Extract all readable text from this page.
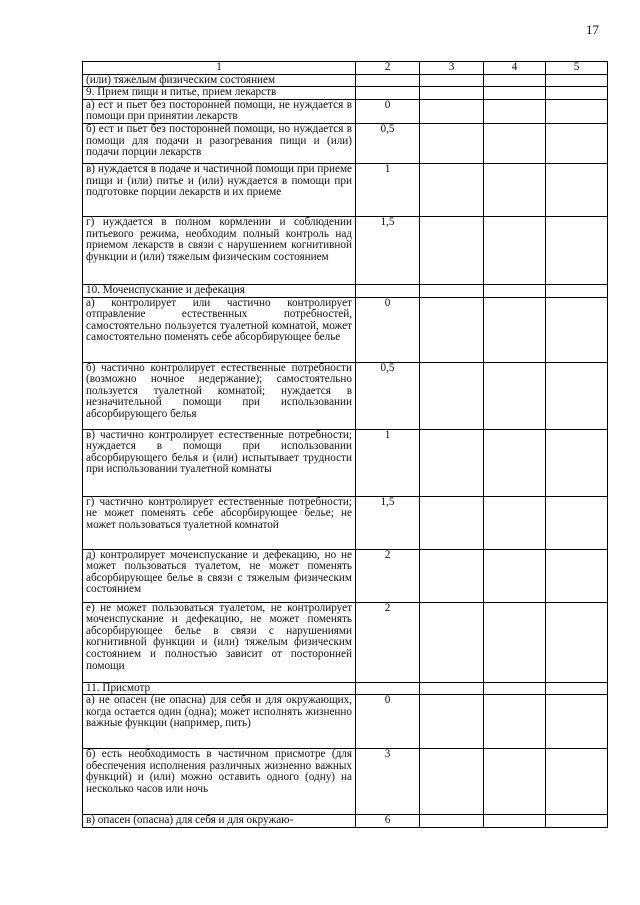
17
1	2	3	4	5
(или) тяжелым физическим состоянием				
9. Прием пищи и питье, прием лекарств				
а) ест и пьет без посторонней помощи, не нуждается в помощи при принятии лекарств	0			
б) ест и пьет без посторонней помощи, но нуждается в помощи для подачи и разогревания пищи и (или) подачи порции лекарств	0,5			
в) нуждается в подаче и частичной помощи при приеме пищи и (или) питье и (или) нуждается в помощи при подготовке порции лекарств и их приеме	1			
г) нуждается в полном кормлении и соблюдении питьевого режима, необходим полный контроль над приемом лекарств в связи с нарушением когнитивной функции и (или) тяжелым физическим состоянием	1,5			
10. Мочеиспускание и дефекация				
а) контролирует или частично контролирует отправление естественных потребностей, самостоятельно пользуется туалетной комнатой, может самостоятельно поменять себе абсорбирующее белье	0			
б) частично контролирует естественные потребности (возможно ночное недержание); самостоятельно пользуется туалетной комнатой; нуждается в незначительной помощи при использовании абсорбирующего белья	0,5			
в) частично контролирует естественные потребности; нуждается в помощи при использовании абсорбирующего белья и (или) испытывает трудности при использовании туалетной комнаты	1			
г) частично контролирует естественные потребности; не может поменять себе абсорбирующее белье; не может пользоваться туалетной комнатой	1,5			
д) контролирует мочеиспускание и дефекацию, но не может пользоваться туалетом, не может поменять абсорбирующее белье в связи с тяжелым физическим состоянием	2			
е) не может пользоваться туалетом, не контролирует мочеиспускание и дефекацию, не может поменять абсорбирующее белье в связи с нарушениями когнитивной функции и (или) тяжелым физическим состоянием и полностью зависит от посторонней помощи	2			
11. Присмотр				
а) не опасен (не опасна) для себя и для окружающих, когда остается один (одна); может исполнять жизненно важные функции (например, пить)	0			
б) есть необходимость в частичном присмотре (для обеспечения исполнения различных жизненно важных функций) и (или) можно оставить одного (одну) на несколько часов или ночь	3			
в) опасен (опасна) для себя и для окружаю-	6			
